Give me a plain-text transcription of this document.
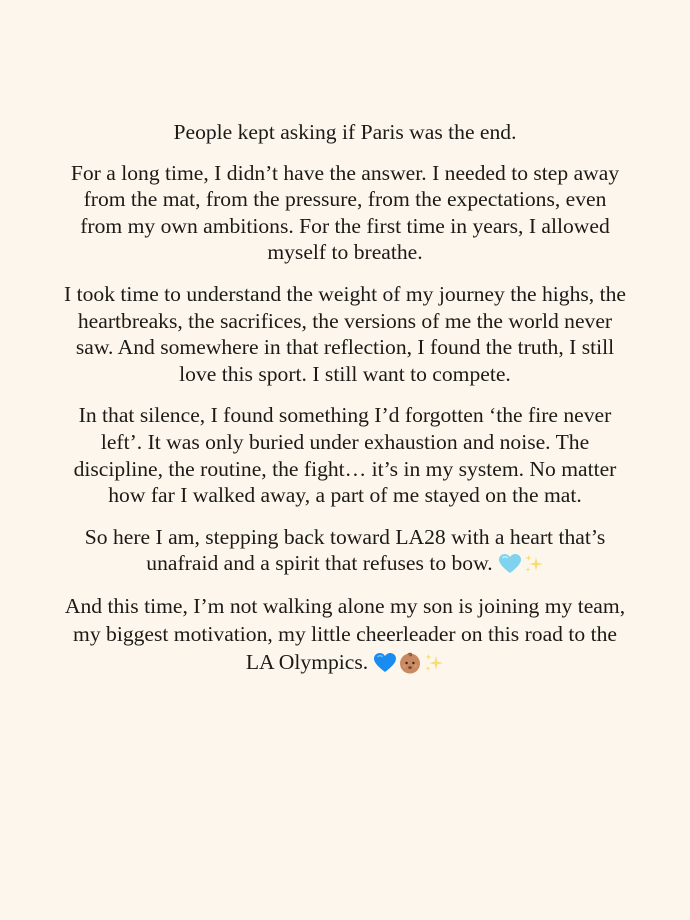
People kept asking if Paris was the end.

For a long time, I didn’t have the answer. I needed to step away from the mat, from the pressure, from the expectations, even from my own ambitions. For the first time in years, I allowed myself to breathe.

I took time to understand the weight of my journey the highs, the heartbreaks, the sacrifices, the versions of me the world never saw. And somewhere in that reflection, I found the truth, I still love this sport. I still want to compete.

In that silence, I found something I’d forgotten ‘the fire never left’. It was only buried under exhaustion and noise. The discipline, the routine, the fight… it’s in my system. No matter how far I walked away, a part of me stayed on the mat.

So here I am, stepping back toward LA28 with a heart that’s unafraid and a spirit that refuses to bow.

And this time, I’m not walking alone my son is joining my team, my biggest motivation, my little cheerleader on this road to the LA Olympics.
